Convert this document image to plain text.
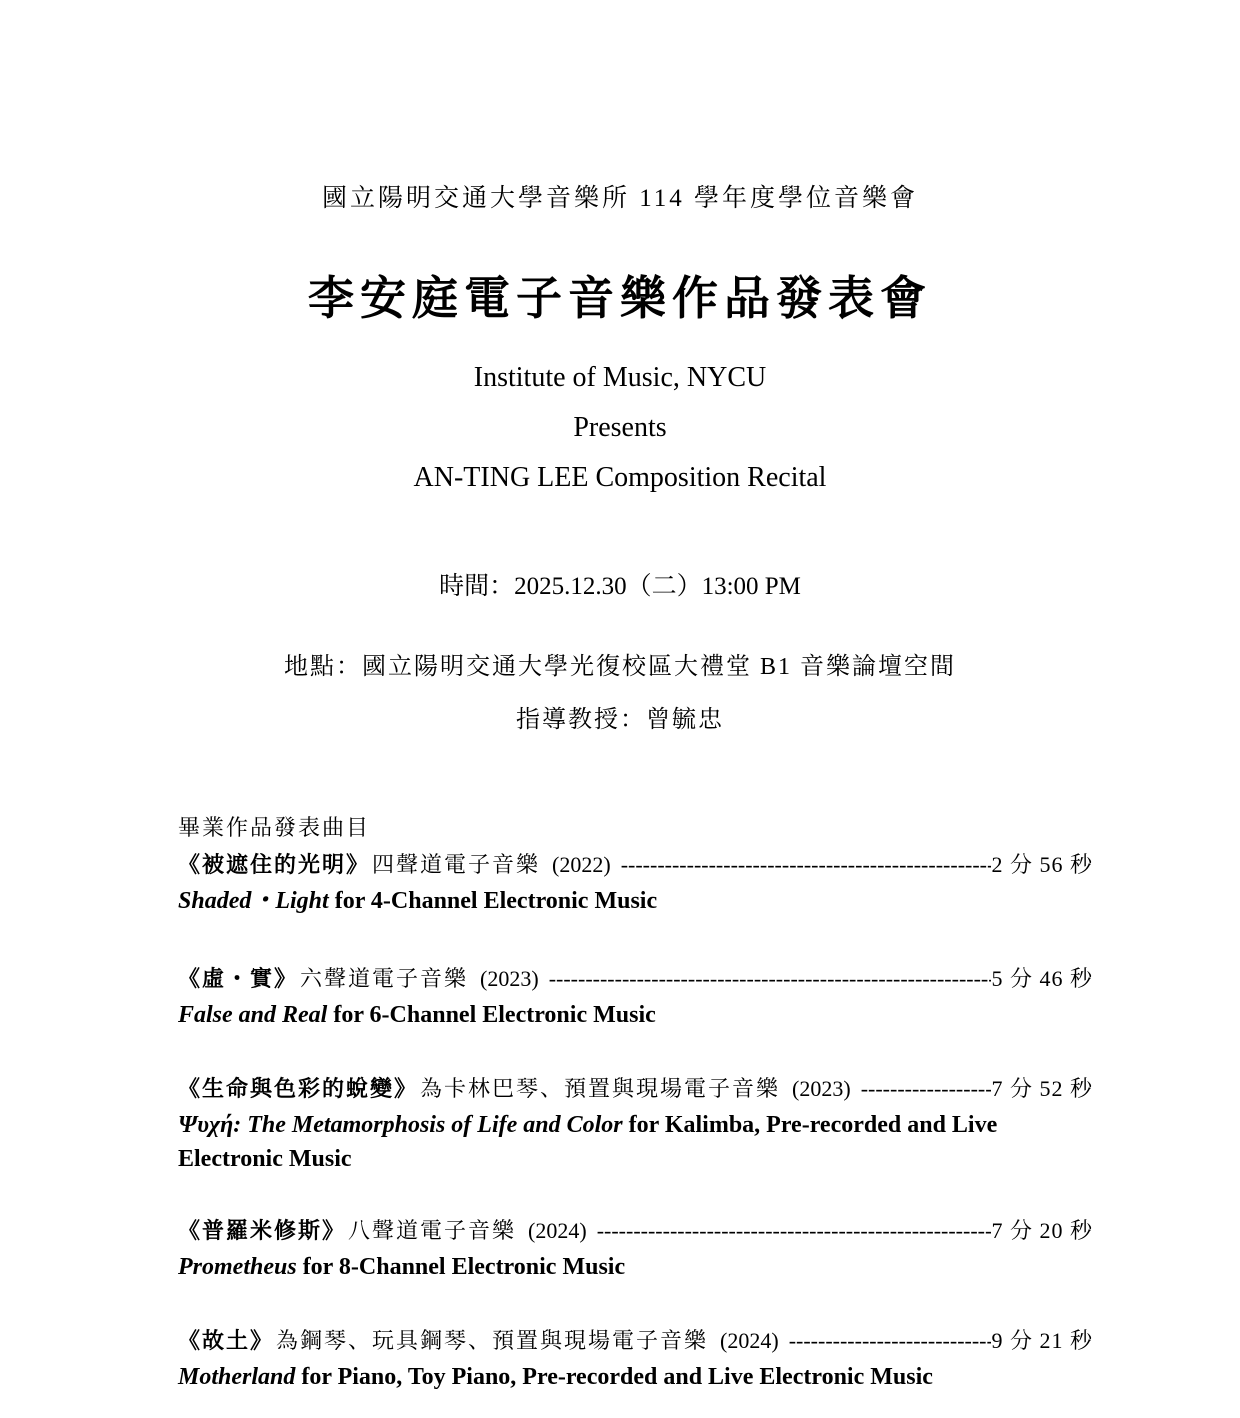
國立陽明交通大學音樂所 114 學年度學位音樂會
李安庭電子音樂作品發表會
Institute of Music, NYCU
Presents
AN-TING LEE Composition Recital
時間：2025.12.30（二）13:00 PM
地點：國立陽明交通大學光復校區大禮堂 B1 音樂論壇空間
指導教授：曾毓忠
畢業作品發表曲目
《被遮住的光明》 四聲道電子音樂 (2022) -----	2 分 56 秒
Shaded・Light for 4-Channel Electronic Music
《虛・實》 六聲道電子音樂 (2023) -----	5 分 46 秒
False and Real for 6-Channel Electronic Music
《生命與色彩的蛻變》 為卡林巴琴、預置與現場電子音樂 (2023) -----	7 分 52 秒
Ψυχή: The Metamorphosis of Life and Color for Kalimba, Pre-recorded and Live Electronic Music
《普羅米修斯》 八聲道電子音樂 (2024) -----	7 分 20 秒
Prometheus for 8-Channel Electronic Music
《故土》 為鋼琴、玩具鋼琴、預置與現場電子音樂 (2024) -----	9 分 21 秒
Motherland for Piano, Toy Piano, Pre-recorded and Live Electronic Music
